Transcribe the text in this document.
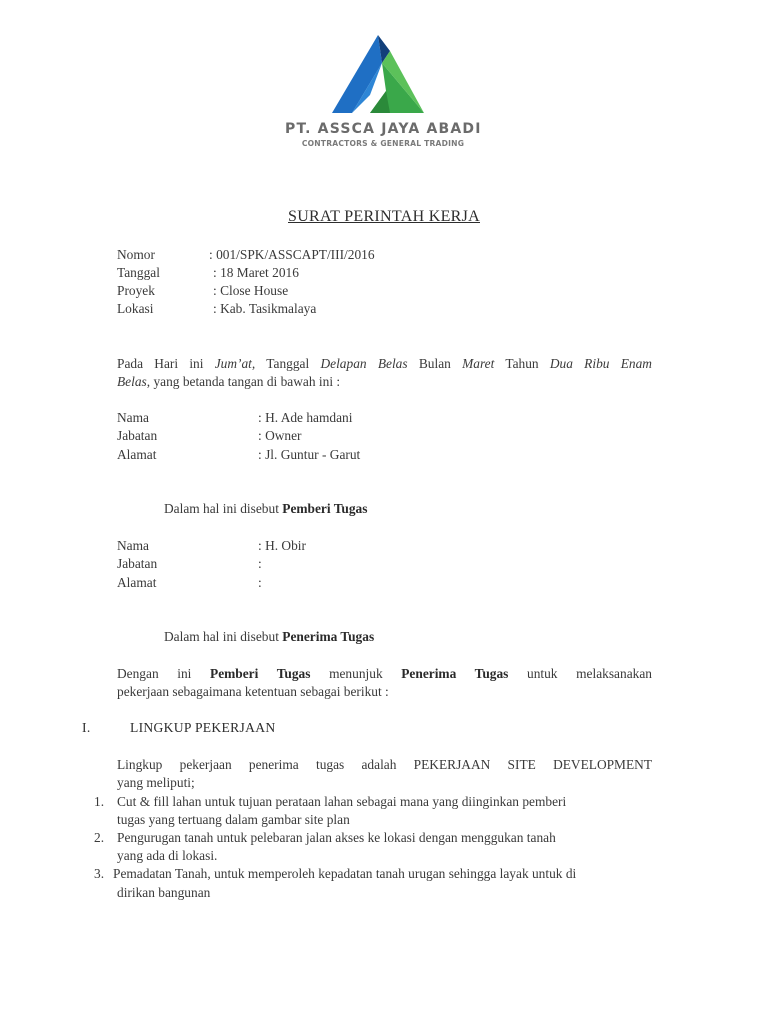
PT. ASSCA JAYA ABADI
CONTRACTORS & GENERAL TRADING
SURAT PERINTAH KERJA
Nomor	: 001/SPK/ASSCAPT/III/2016
Tanggal	: 18 Maret 2016
Proyek	: Close House
Lokasi	: Kab. Tasikmalaya
Pada Hari ini Jum’at, Tanggal Delapan Belas Bulan Maret Tahun Dua Ribu Enam
Belas, yang betanda tangan di bawah ini :
Nama	: H. Ade hamdani
Jabatan	: Owner
Alamat	: Jl. Guntur - Garut
Dalam hal ini disebut Pemberi Tugas
Nama	: H. Obir
Jabatan	:
Alamat	:
Dalam hal ini disebut Penerima Tugas
Dengan ini Pemberi Tugas menunjuk Penerima Tugas untuk melaksanakan
pekerjaan sebagaimana ketentuan sebagai berikut :
I.	LINGKUP PEKERJAAN
Lingkup pekerjaan penerima tugas adalah PEKERJAAN SITE DEVELOPMENT
yang meliputi;
1. Cut & fill lahan untuk tujuan perataan lahan sebagai mana yang diinginkan pemberi
tugas yang tertuang dalam gambar site plan
2. Pengurugan tanah untuk pelebaran jalan akses ke lokasi dengan menggukan tanah
yang ada di lokasi.
3. Pemadatan Tanah, untuk memperoleh kepadatan tanah urugan sehingga layak untuk di
dirikan bangunan
